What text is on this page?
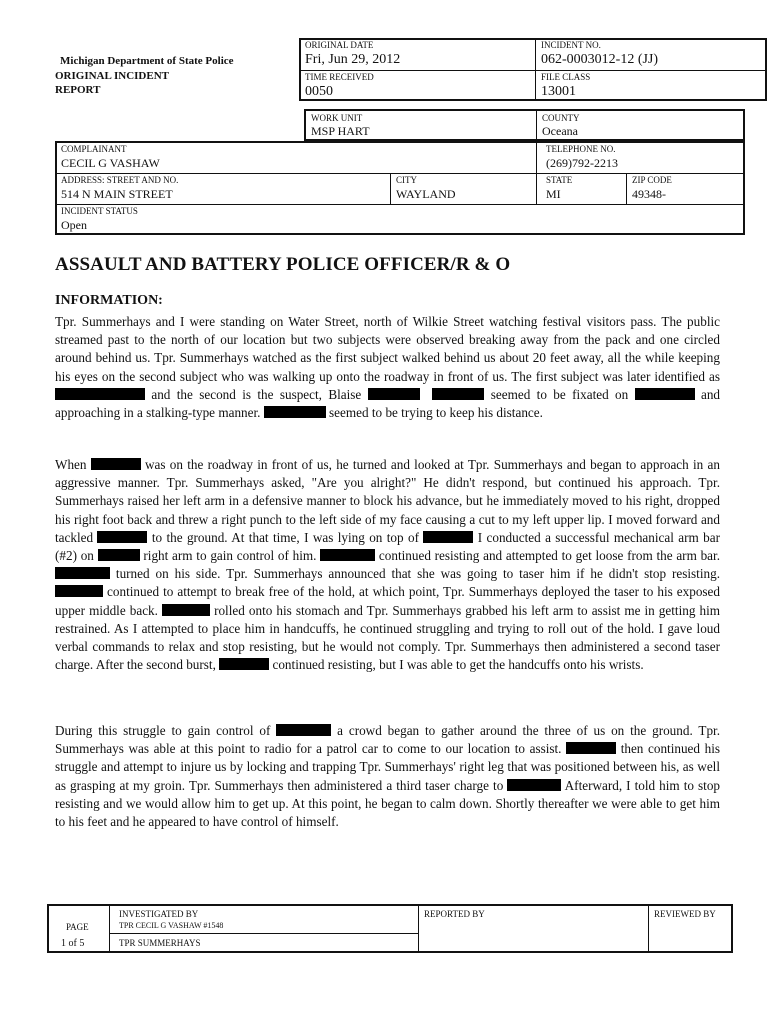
Michigan Department of State Police
ORIGINAL INCIDENT
REPORT
ORIGINAL DATE
Fri, Jun 29, 2012
INCIDENT NO.
062-0003012-12 (JJ)
TIME RECEIVED
0050
FILE CLASS
13001
WORK UNIT
MSP HART
COUNTY
Oceana
COMPLAINANT
CECIL G VASHAW
TELEPHONE NO.
(269)792-2213
ADDRESS: STREET AND NO.
514 N MAIN STREET
CITY
WAYLAND
STATE
MI
ZIP CODE
49348-
INCIDENT STATUS
Open
ASSAULT AND BATTERY POLICE OFFICER/R & O
INFORMATION:
Tpr. Summerhays and I were standing on Water Street, north of Wilkie Street watching festival visitors pass. The public streamed past to the north of our location but two subjects were observed breaking away from the pack and one circled around behind us. Tpr. Summerhays watched as the first subject walked behind us about 20 feet away, all the while keeping his eyes on the second subject who was walking up onto the roadway in front of us. The first subject was later identified as  and the second is the suspect, Blaise	seemed to be fixated on	and approaching in a stalking-type manner.	seemed to be trying to keep his distance.
When	was on the roadway in front of us, he turned and looked at Tpr. Summerhays and began to approach in an aggressive manner. Tpr. Summerhays asked, "Are you alright?" He didn't respond, but continued his approach. Tpr. Summerhays raised her left arm in a defensive manner to block his advance, but he immediately moved to his right, dropped his right foot back and threw a right punch to the left side of my face causing a cut to my left upper lip. I moved forward and tackled	to the ground. At that time, I was lying on top of	I conducted a successful mechanical arm bar (#2) on	right arm to gain control of him.	continued resisting and attempted to get loose from the arm bar.  turned on his side. Tpr. Summerhays announced that she was going to taser him if he didn't stop resisting.  continued to attempt to break free of the hold, at which point, Tpr. Summerhays deployed the taser to his exposed upper middle back.	rolled onto his stomach and Tpr. Summerhays grabbed his left arm to assist me in getting him restrained. As I attempted to place him in handcuffs, he continued struggling and trying to roll out of the hold. I gave loud verbal commands to relax and stop resisting, but he would not comply. Tpr. Summerhays then administered a second taser charge. After the second burst,	continued resisting, but I was able to get the handcuffs onto his wrists.
During this struggle to gain control of	a crowd began to gather around the three of us on the ground. Tpr. Summerhays was able at this point to radio for a patrol car to come to our location to assist.	then continued his struggle and attempt to injure us by locking and trapping Tpr. Summerhays' right leg that was positioned between his, as well as grasping at my groin. Tpr. Summerhays then administered a third taser charge to	Afterward, I told him to stop resisting and we would allow him to get up. At this point, he began to calm down. Shortly thereafter we were able to get him to his feet and he appeared to have control of himself.
PAGE
1 of 5
INVESTIGATED BY
TPR CECIL G VASHAW #1548
TPR SUMMERHAYS
REPORTED BY	REVIEWED BY
